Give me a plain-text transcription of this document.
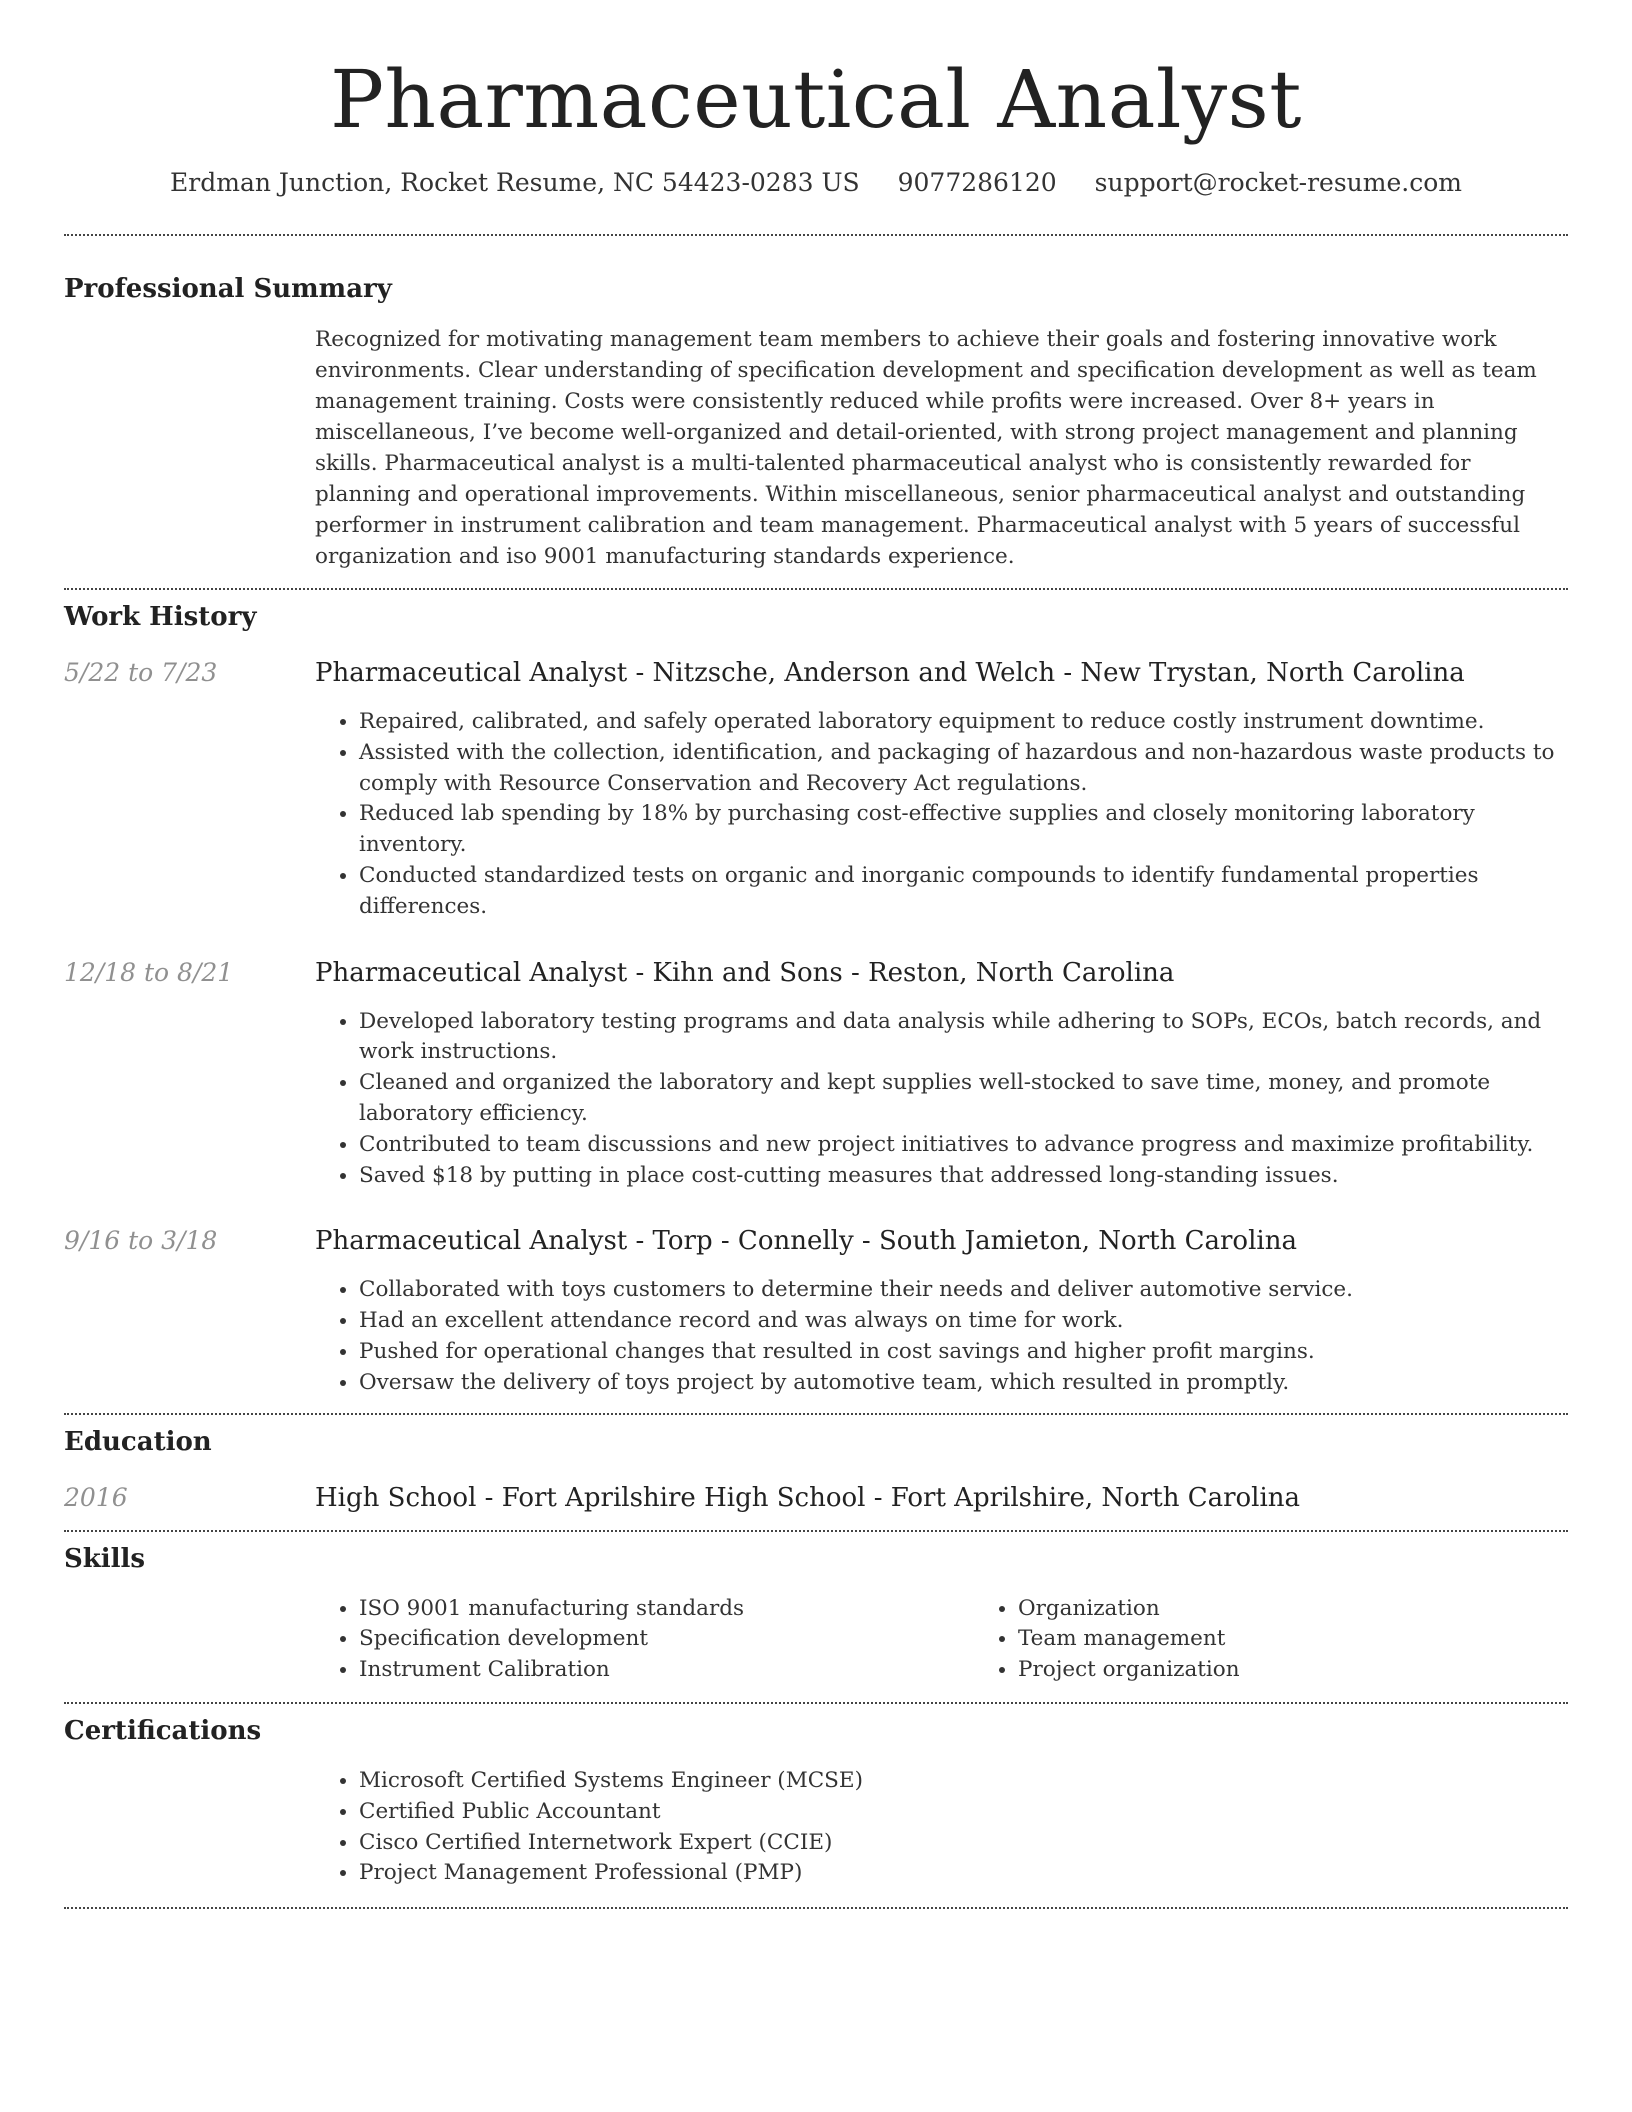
Pharmaceutical Analyst
Erdman Junction, Rocket Resume, NC 54423-0283 US 9077286120 support@rocket-resume.com
Professional Summary

Recognized for motivating management team members to achieve their goals and fostering innovative work environments. Clear understanding of specification development and specification development as well as team management training. Costs were consistently reduced while profits were increased. Over 8+ years in miscellaneous, I’ve become well-organized and detail-oriented, with strong project management and planning skills. Pharmaceutical analyst is a multi-talented pharmaceutical analyst who is consistently rewarded for planning and operational improvements. Within miscellaneous, senior pharmaceutical analyst and outstanding performer in instrument calibration and team management. Pharmaceutical analyst with 5 years of successful organization and iso 9001 manufacturing standards experience.

Work History
5/22 to 7/23	Pharmaceutical Analyst - Nitzsche, Anderson and Welch - New Trystan, North Carolina
• Repaired, calibrated, and safely operated laboratory equipment to reduce costly instrument downtime.
• Assisted with the collection, identification, and packaging of hazardous and non-hazardous waste products to comply with Resource Conservation and Recovery Act regulations.
• Reduced lab spending by 18% by purchasing cost-effective supplies and closely monitoring laboratory inventory.
• Conducted standardized tests on organic and inorganic compounds to identify fundamental properties differences.
12/18 to 8/21	Pharmaceutical Analyst - Kihn and Sons - Reston, North Carolina
• Developed laboratory testing programs and data analysis while adhering to SOPs, ECOs, batch records, and work instructions.
• Cleaned and organized the laboratory and kept supplies well-stocked to save time, money, and promote laboratory efficiency.
• Contributed to team discussions and new project initiatives to advance progress and maximize profitability.
• Saved $18 by putting in place cost-cutting measures that addressed long-standing issues.
9/16 to 3/18	Pharmaceutical Analyst - Torp - Connelly - South Jamieton, North Carolina
• Collaborated with toys customers to determine their needs and deliver automotive service.
• Had an excellent attendance record and was always on time for work.
• Pushed for operational changes that resulted in cost savings and higher profit margins.
• Oversaw the delivery of toys project by automotive team, which resulted in promptly.
Education
2016	High School - Fort Aprilshire High School - Fort Aprilshire, North Carolina
Skills
• ISO 9001 manufacturing standards
• Specification development
• Instrument Calibration
• Organization
• Team management
• Project organization
Certifications
• Microsoft Certified Systems Engineer (MCSE)
• Certified Public Accountant
• Cisco Certified Internetwork Expert (CCIE)
• Project Management Professional (PMP)
